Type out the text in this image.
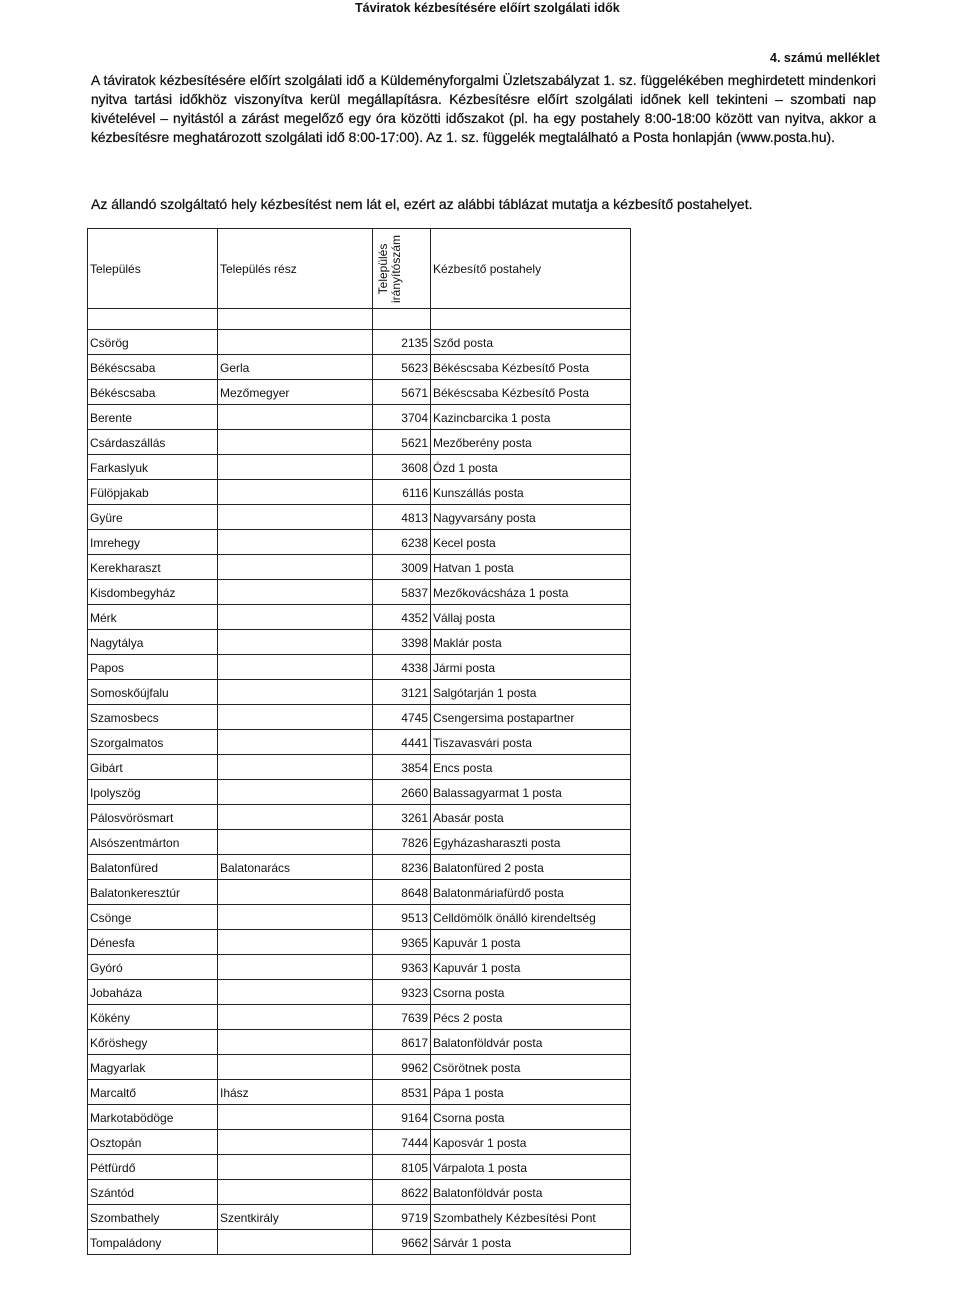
Táviratok kézbesítésére előírt szolgálati idők
4. számú melléklet
A táviratok kézbesítésére előírt szolgálati idő a Küldeményforgalmi Üzletszabályzat 1. sz. függelékében meghirdetett mindenkori nyitva tartási időkhöz viszonyítva kerül megállapításra. Kézbesítésre előírt szolgálati időnek kell tekinteni – szombati nap kivételével – nyitástól a zárást megelőző egy óra közötti időszakot (pl. ha egy postahely 8:00-18:00 között van nyitva, akkor a kézbesítésre meghatározott szolgálati idő 8:00-17:00). Az 1. sz. függelék megtalálható a Posta honlapján (www.posta.hu).
Az állandó szolgáltató hely kézbesítést nem lát el, ezért az alábbi táblázat mutatja a kézbesítő postahelyet.
Település	Település rész	Település irányítószám	Kézbesítő postahely

Csörög		2135	Sződ posta
Békéscsaba	Gerla	5623	Békéscsaba Kézbesítő Posta
Békéscsaba	Mezőmegyer	5671	Békéscsaba Kézbesítő Posta
Berente		3704	Kazincbarcika 1 posta
Csárdaszállás		5621	Mezőberény posta
Farkaslyuk		3608	Ózd 1 posta
Fülöpjakab		6116	Kunszállás posta
Gyüre		4813	Nagyvarsány posta
Imrehegy		6238	Kecel posta
Kerekharaszt		3009	Hatvan 1 posta
Kisdombegyház		5837	Mezőkovácsháza 1 posta
Mérk		4352	Vállaj posta
Nagytálya		3398	Maklár posta
Papos		4338	Jármi posta
Somoskőújfalu		3121	Salgótarján 1 posta
Szamosbecs		4745	Csengersima postapartner
Szorgalmatos		4441	Tiszavasvári posta
Gibárt		3854	Encs posta
Ipolyszög		2660	Balassagyarmat 1 posta
Pálosvörösmart		3261	Abasár posta
Alsószentmárton		7826	Egyházasharaszti posta
Balatonfüred	Balatonarács	8236	Balatonfüred 2 posta
Balatonkeresztúr		8648	Balatonmáriafürdő posta
Csönge		9513	Celldömölk önálló kirendeltség
Dénesfa		9365	Kapuvár 1 posta
Gyóró		9363	Kapuvár 1 posta
Jobaháza		9323	Csorna posta
Kökény		7639	Pécs 2 posta
Kőröshegy		8617	Balatonföldvár posta
Magyarlak		9962	Csörötnek posta
Marcaltő	Ihász	8531	Pápa 1 posta
Markotabödöge		9164	Csorna posta
Osztopán		7444	Kaposvár 1 posta
Pétfürdő		8105	Várpalota 1 posta
Szántód		8622	Balatonföldvár posta
Szombathely	Szentkirály	9719	Szombathely Kézbesítési Pont
Tompaládony		9662	Sárvár 1 posta
